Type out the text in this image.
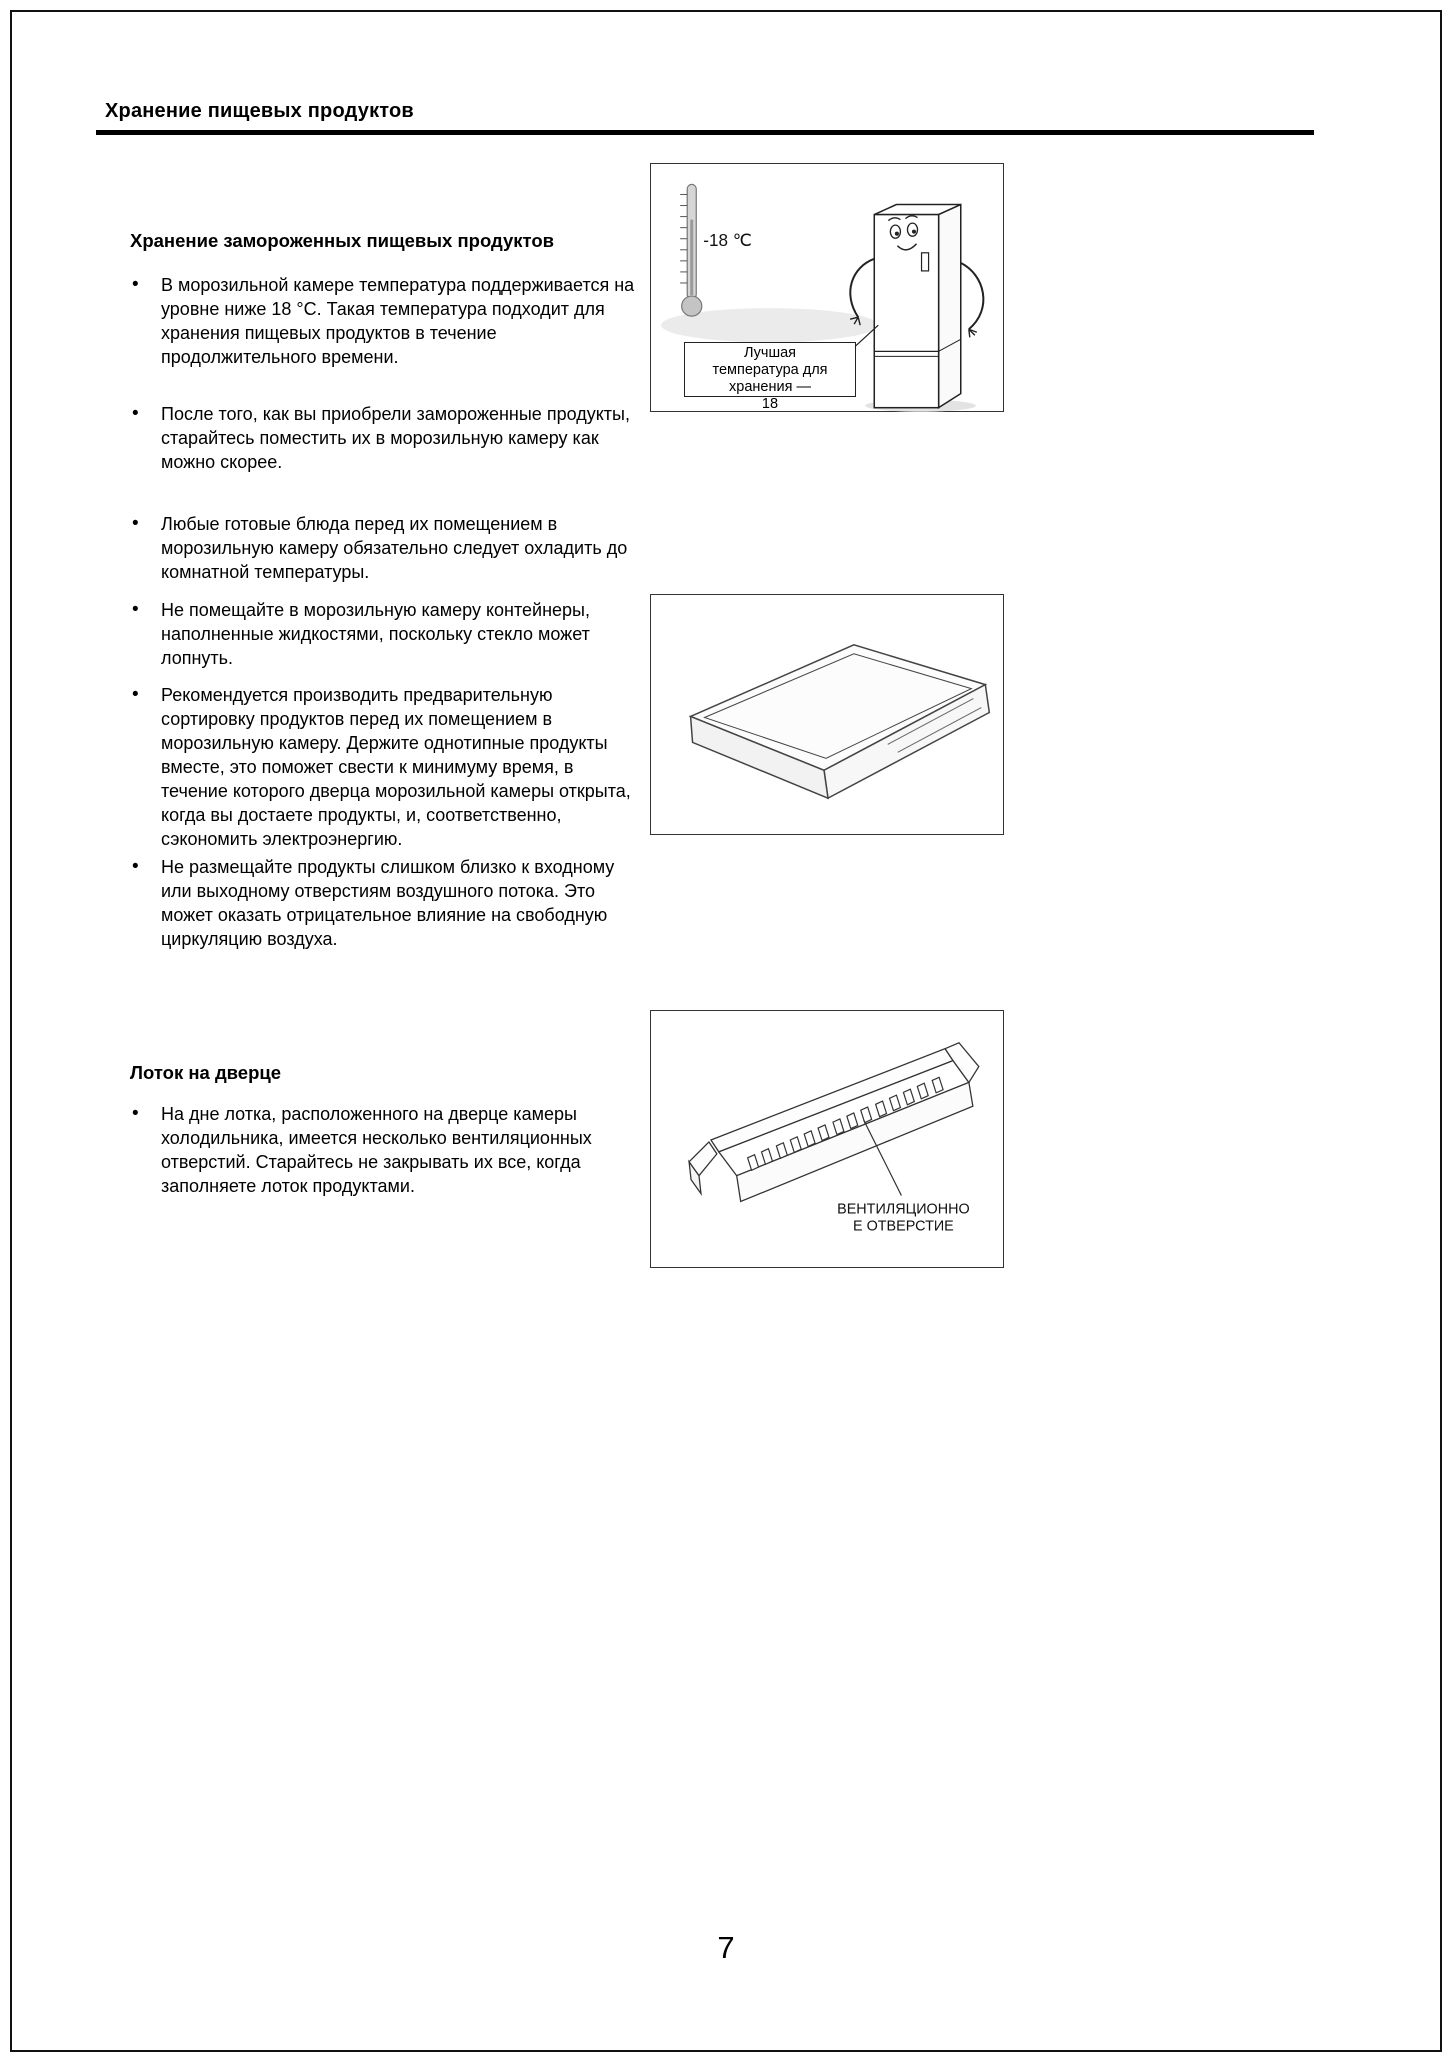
Хранение пищевых продуктов
Хранение замороженных пищевых продуктов
•
В морозильной камере температура поддерживается на уровне ниже 18 °C. Такая температура подходит для хранения пищевых продуктов в течение продолжительного времени.
•
После того, как вы приобрели замороженные продукты, старайтесь поместить их в морозильную камеру как можно скорее.
•
Любые готовые блюда перед их помещением в морозильную камеру обязательно следует охладить до комнатной температуры.
•
Не помещайте в морозильную камеру контейнеры, наполненные жидкостями, поскольку стекло может лопнуть.
•
Рекомендуется производить предварительную сортировку продуктов перед их помещением в морозильную камеру. Держите однотипные продукты вместе, это поможет свести к минимуму время, в течение которого дверца морозильной камеры открыта, когда вы достаете продукты, и, соответственно, сэкономить электроэнергию.
•
Не размещайте продукты слишком близко к входному или выходному отверстиям воздушного потока. Это может оказать отрицательное влияние на свободную циркуляцию воздуха.
Лоток на дверце
•
На дне лотка, расположенного на дверце камеры холодильника, имеется несколько вентиляционных отверстий. Старайтесь не закрывать их все, когда заполняете лоток продуктами.
-18 ℃
Лучшая
температура для
хранения —
18
ВЕНТИЛЯЦИОННО
Е ОТВЕРСТИЕ
7
